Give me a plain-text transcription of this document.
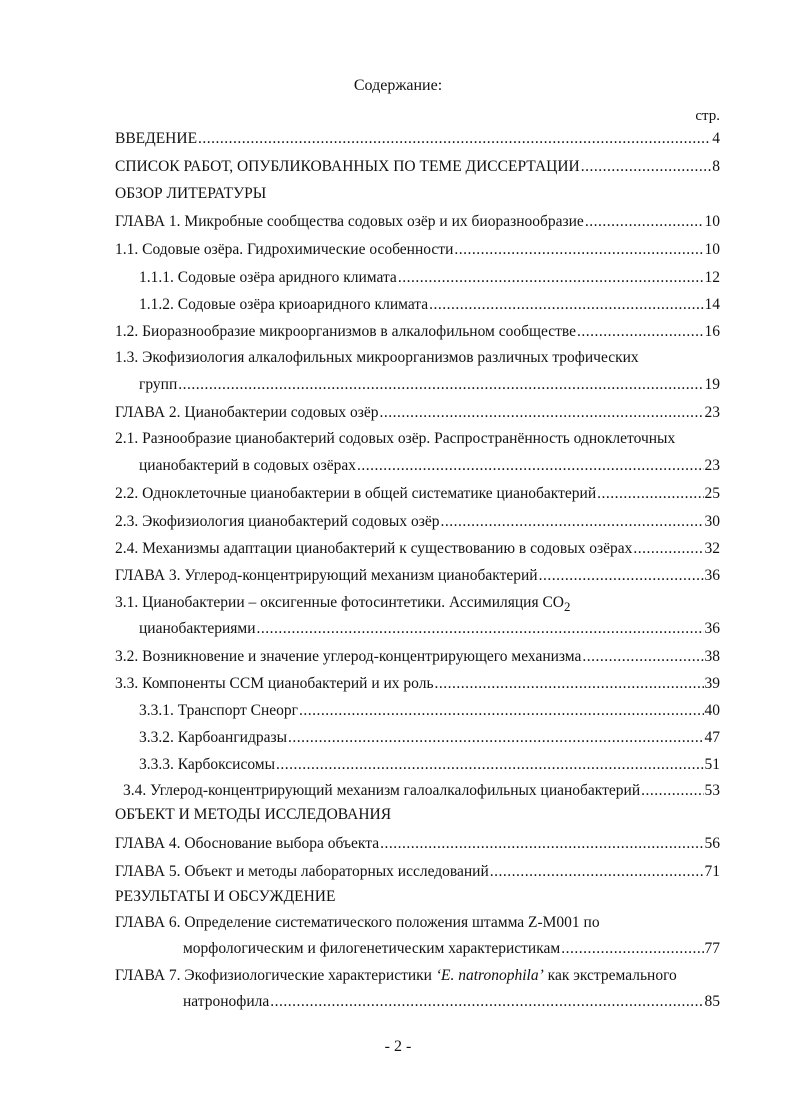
Содержание:
стр.
ВВЕДЕНИЕ .....	4
СПИСОК РАБОТ, ОПУБЛИКОВАННЫХ ПО ТЕМЕ ДИССЕРТАЦИИ .....	8
ОБЗОР ЛИТЕРАТУРЫ
ГЛАВА 1. Микробные сообщества содовых озёр и их биоразнообразие .....	10
1.1. Содовые озёра. Гидрохимические особенности .....	10
1.1.1. Содовые озёра аридного климата .....	12
1.1.2. Содовые озёра криоаридного климата .....	14
1.2. Биоразнообразие микроорганизмов в алкалофильном сообществе .....	16
1.3. Экофизиология алкалофильных микроорганизмов различных трофических
групп .....	19
ГЛАВА 2. Цианобактерии содовых озёр .....	23
2.1. Разнообразие цианобактерий содовых озёр. Распространённость одноклеточных
цианобактерий в содовых озёрах .....	23
2.2. Одноклеточные цианобактерии в общей систематике цианобактерий .....	25
2.3. Экофизиология цианобактерий содовых озёр .....	30
2.4. Механизмы адаптации цианобактерий к существованию в содовых озёрах .....	32
ГЛАВА 3. Углерод-концентрирующий механизм цианобактерий .....	36
3.1. Цианобактерии – оксигенные фотосинтетики. Ассимиляция $CO_2$
цианобактериями .....	36
3.2. Возникновение и значение углерод-концентрирующего механизма .....	38
3.3. Компоненты CCM цианобактерий и их роль .....	39
3.3.1. Транспорт Cнеорг .....	40
3.3.2. Карбоангидразы .....	47
3.3.3. Карбоксисомы .....	51
3.4. Углерод-концентрирующий механизм галоалкалофильных цианобактерий .....	53
ОБЪЕКТ И МЕТОДЫ ИССЛЕДОВАНИЯ
ГЛАВА 4. Обоснование выбора объекта .....	56
ГЛАВА 5. Объект и методы лабораторных исследований .....	71
РЕЗУЛЬТАТЫ И ОБСУЖДЕНИЕ
ГЛАВА 6. Определение систематического положения штамма Z-M001 по
морфологическим и филогенетическим характеристикам .....	77
ГЛАВА 7. Экофизиологические характеристики ‘E. natronophila’ как экстремального
натронофила .....	85
- 2 -
